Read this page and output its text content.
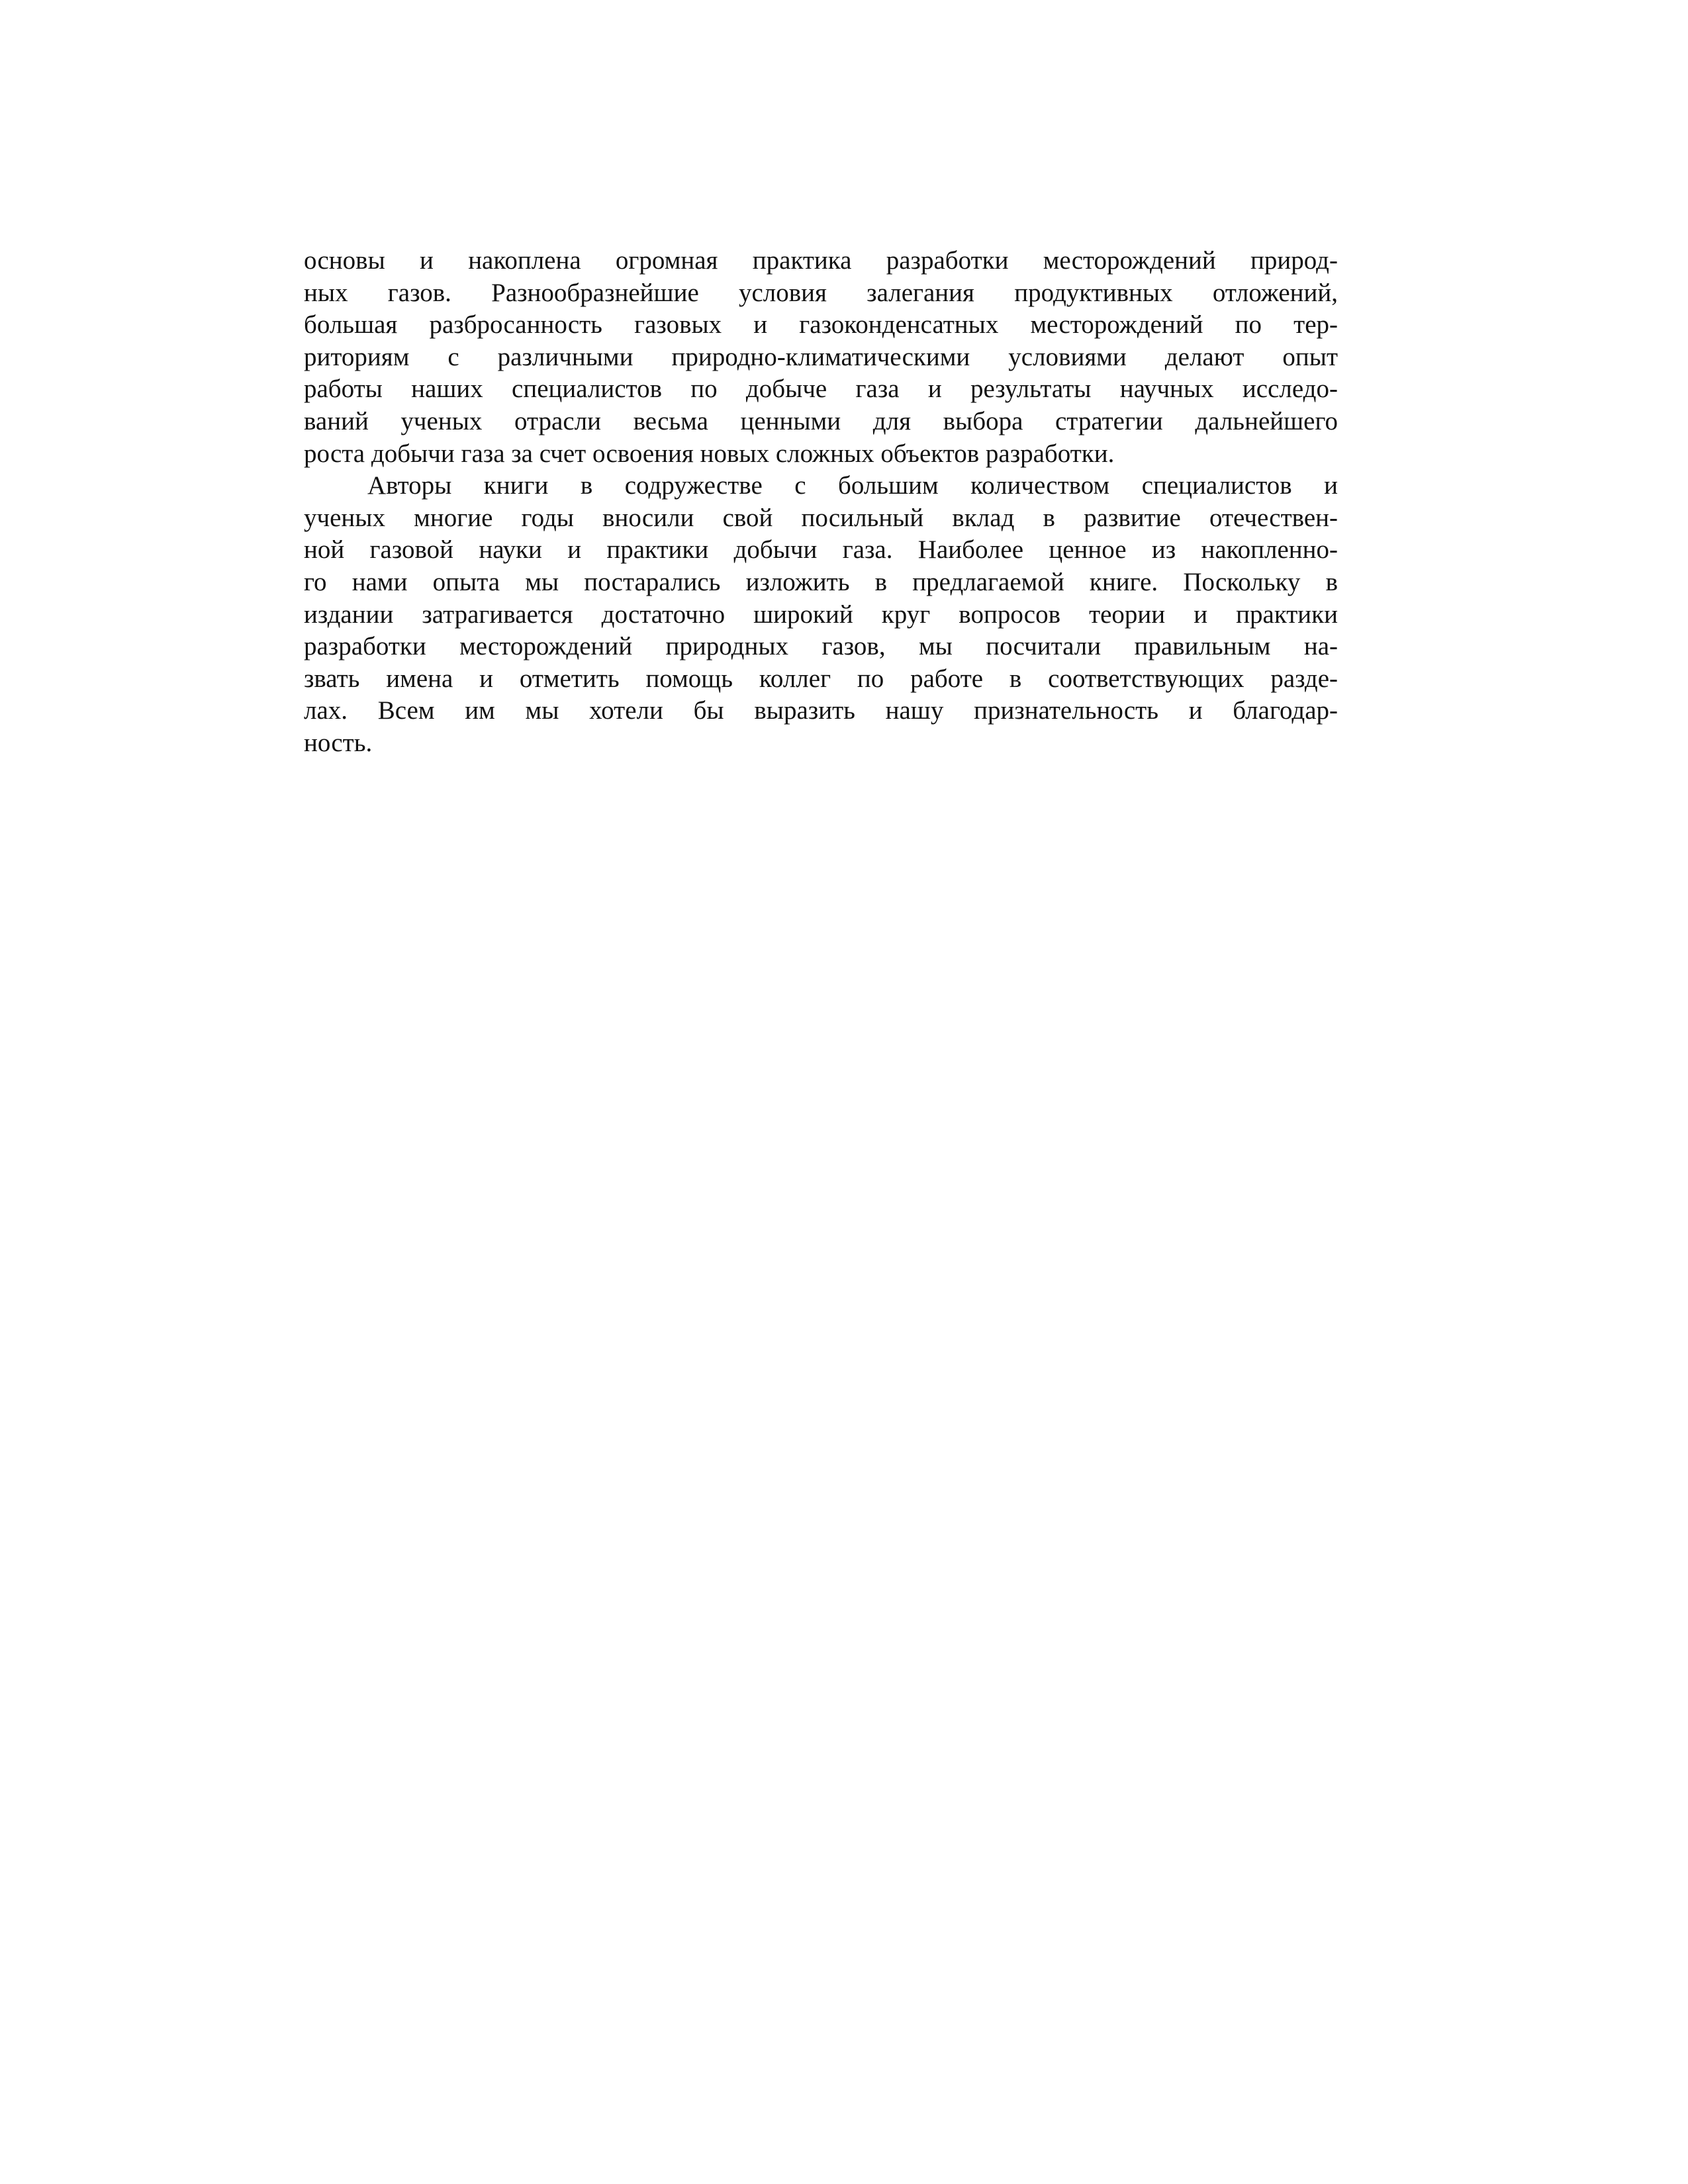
основы и накоплена огромная практика разработки месторождений природ-
ных газов. Разнообразнейшие условия залегания продуктивных отложений,
большая разбросанность газовых и газоконденсатных месторождений по тер-
риториям с различными природно-климатическими условиями делают опыт
работы наших специалистов по добыче газа и результаты научных исследо-
ваний ученых отрасли весьма ценными для выбора стратегии дальнейшего
роста добычи газа за счет освоения новых сложных объектов разработки.
Авторы книги в содружестве с большим количеством специалистов и
ученых многие годы вносили свой посильный вклад в развитие отечествен-
ной газовой науки и практики добычи газа. Наиболее ценное из накопленно-
го нами опыта мы постарались изложить в предлагаемой книге. Поскольку в
издании затрагивается достаточно широкий круг вопросов теории и практики
разработки месторождений природных газов, мы посчитали правильным на-
звать имена и отметить помощь коллег по работе в соответствующих разде-
лах. Всем им мы хотели бы выразить нашу признательность и благодар-
ность.
